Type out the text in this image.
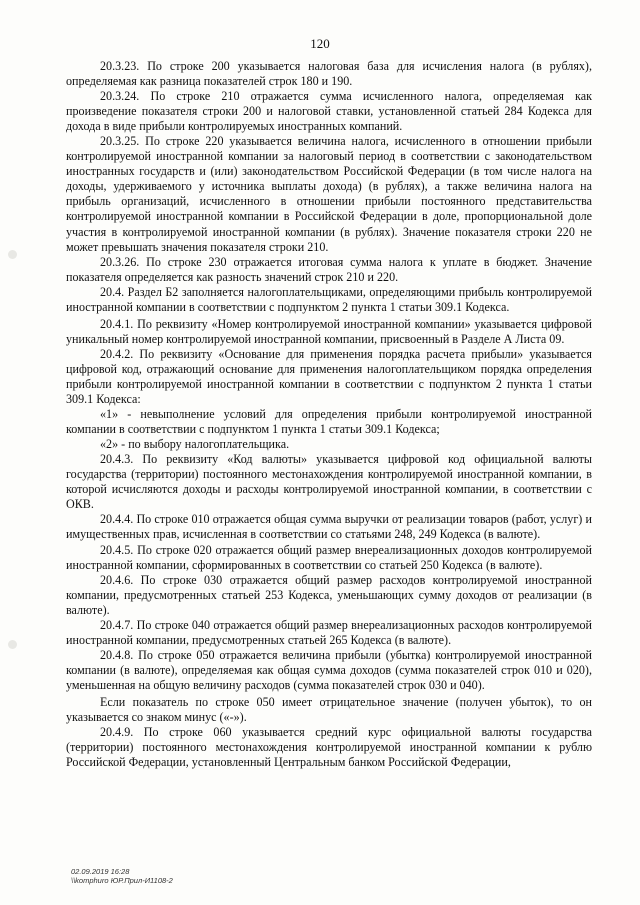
120

20.3.23. По строке 200 указывается налоговая база для исчисления налога (в рублях), определяемая как разница показателей строк 180 и 190.

20.3.24. По строке 210 отражается сумма исчисленного налога, определяемая как произведение показателя строки 200 и налоговой ставки, установленной статьей 284 Кодекса для дохода в виде прибыли контролируемых иностранных компаний.

20.3.25. По строке 220 указывается величина налога, исчисленного в отношении прибыли контролируемой иностранной компании за налоговый период в соответствии с законодательством иностранных государств и (или) законодательством Российской Федерации (в том числе налога на доходы, удерживаемого у источника выплаты дохода) (в рублях), а также величина налога на прибыль организаций, исчисленного в отношении прибыли постоянного представительства контролируемой иностранной компании в Российской Федерации в доле, пропорциональной доле участия в контролируемой иностранной компании (в рублях). Значение показателя строки 220 не может превышать значения показателя строки 210.

20.3.26. По строке 230 отражается итоговая сумма налога к уплате в бюджет. Значение показателя определяется как разность значений строк 210 и 220.

20.4. Раздел Б2 заполняется налогоплательщиками, определяющими прибыль контролируемой иностранной компании в соответствии с подпунктом 2 пункта 1 статьи 309.1 Кодекса.

20.4.1. По реквизиту «Номер контролируемой иностранной компании» указывается цифровой уникальный номер контролируемой иностранной компании, присвоенный в Разделе А Листа 09.

20.4.2. По реквизиту «Основание для применения порядка расчета прибыли» указывается цифровой код, отражающий основание для применения налогоплательщиком порядка определения прибыли контролируемой иностранной компании в соответствии с подпунктом 2 пункта 1 статьи 309.1 Кодекса:

«1» - невыполнение условий для определения прибыли контролируемой иностранной компании в соответствии с подпунктом 1 пункта 1 статьи 309.1 Кодекса;

«2» - по выбору налогоплательщика.

20.4.3. По реквизиту «Код валюты» указывается цифровой код официальной валюты государства (территории) постоянного местонахождения контролируемой иностранной компании, в которой исчисляются доходы и расходы контролируемой иностранной компании, в соответствии с ОКВ.

20.4.4. По строке 010 отражается общая сумма выручки от реализации товаров (работ, услуг) и имущественных прав, исчисленная в соответствии со статьями 248, 249 Кодекса (в валюте).

20.4.5. По строке 020 отражается общий размер внереализационных доходов контролируемой иностранной компании, сформированных в соответствии со статьей 250 Кодекса (в валюте).

20.4.6. По строке 030 отражается общий размер расходов контролируемой иностранной компании, предусмотренных статьей 253 Кодекса, уменьшающих сумму доходов от реализации (в валюте).

20.4.7. По строке 040 отражается общий размер внереализационных расходов контролируемой иностранной компании, предусмотренных статьей 265 Кодекса (в валюте).

20.4.8. По строке 050 отражается величина прибыли (убытка) контролируемой иностранной компании (в валюте), определяемая как общая сумма доходов (сумма показателей строк 010 и 020), уменьшенная на общую величину расходов (сумма показателей строк 030 и 040).

Если показатель по строке 050 имеет отрицательное значение (получен убыток), то он указывается со знаком минус («-»).

20.4.9. По строке 060 указывается средний курс официальной валюты государства (территории) постоянного местонахождения контролируемой иностранной компании к рублю Российской Федерации, установленный Центральным банком Российской Федерации,

02.09.2019 16:28
\\komphuro ЮР.Прил-И1108-2
